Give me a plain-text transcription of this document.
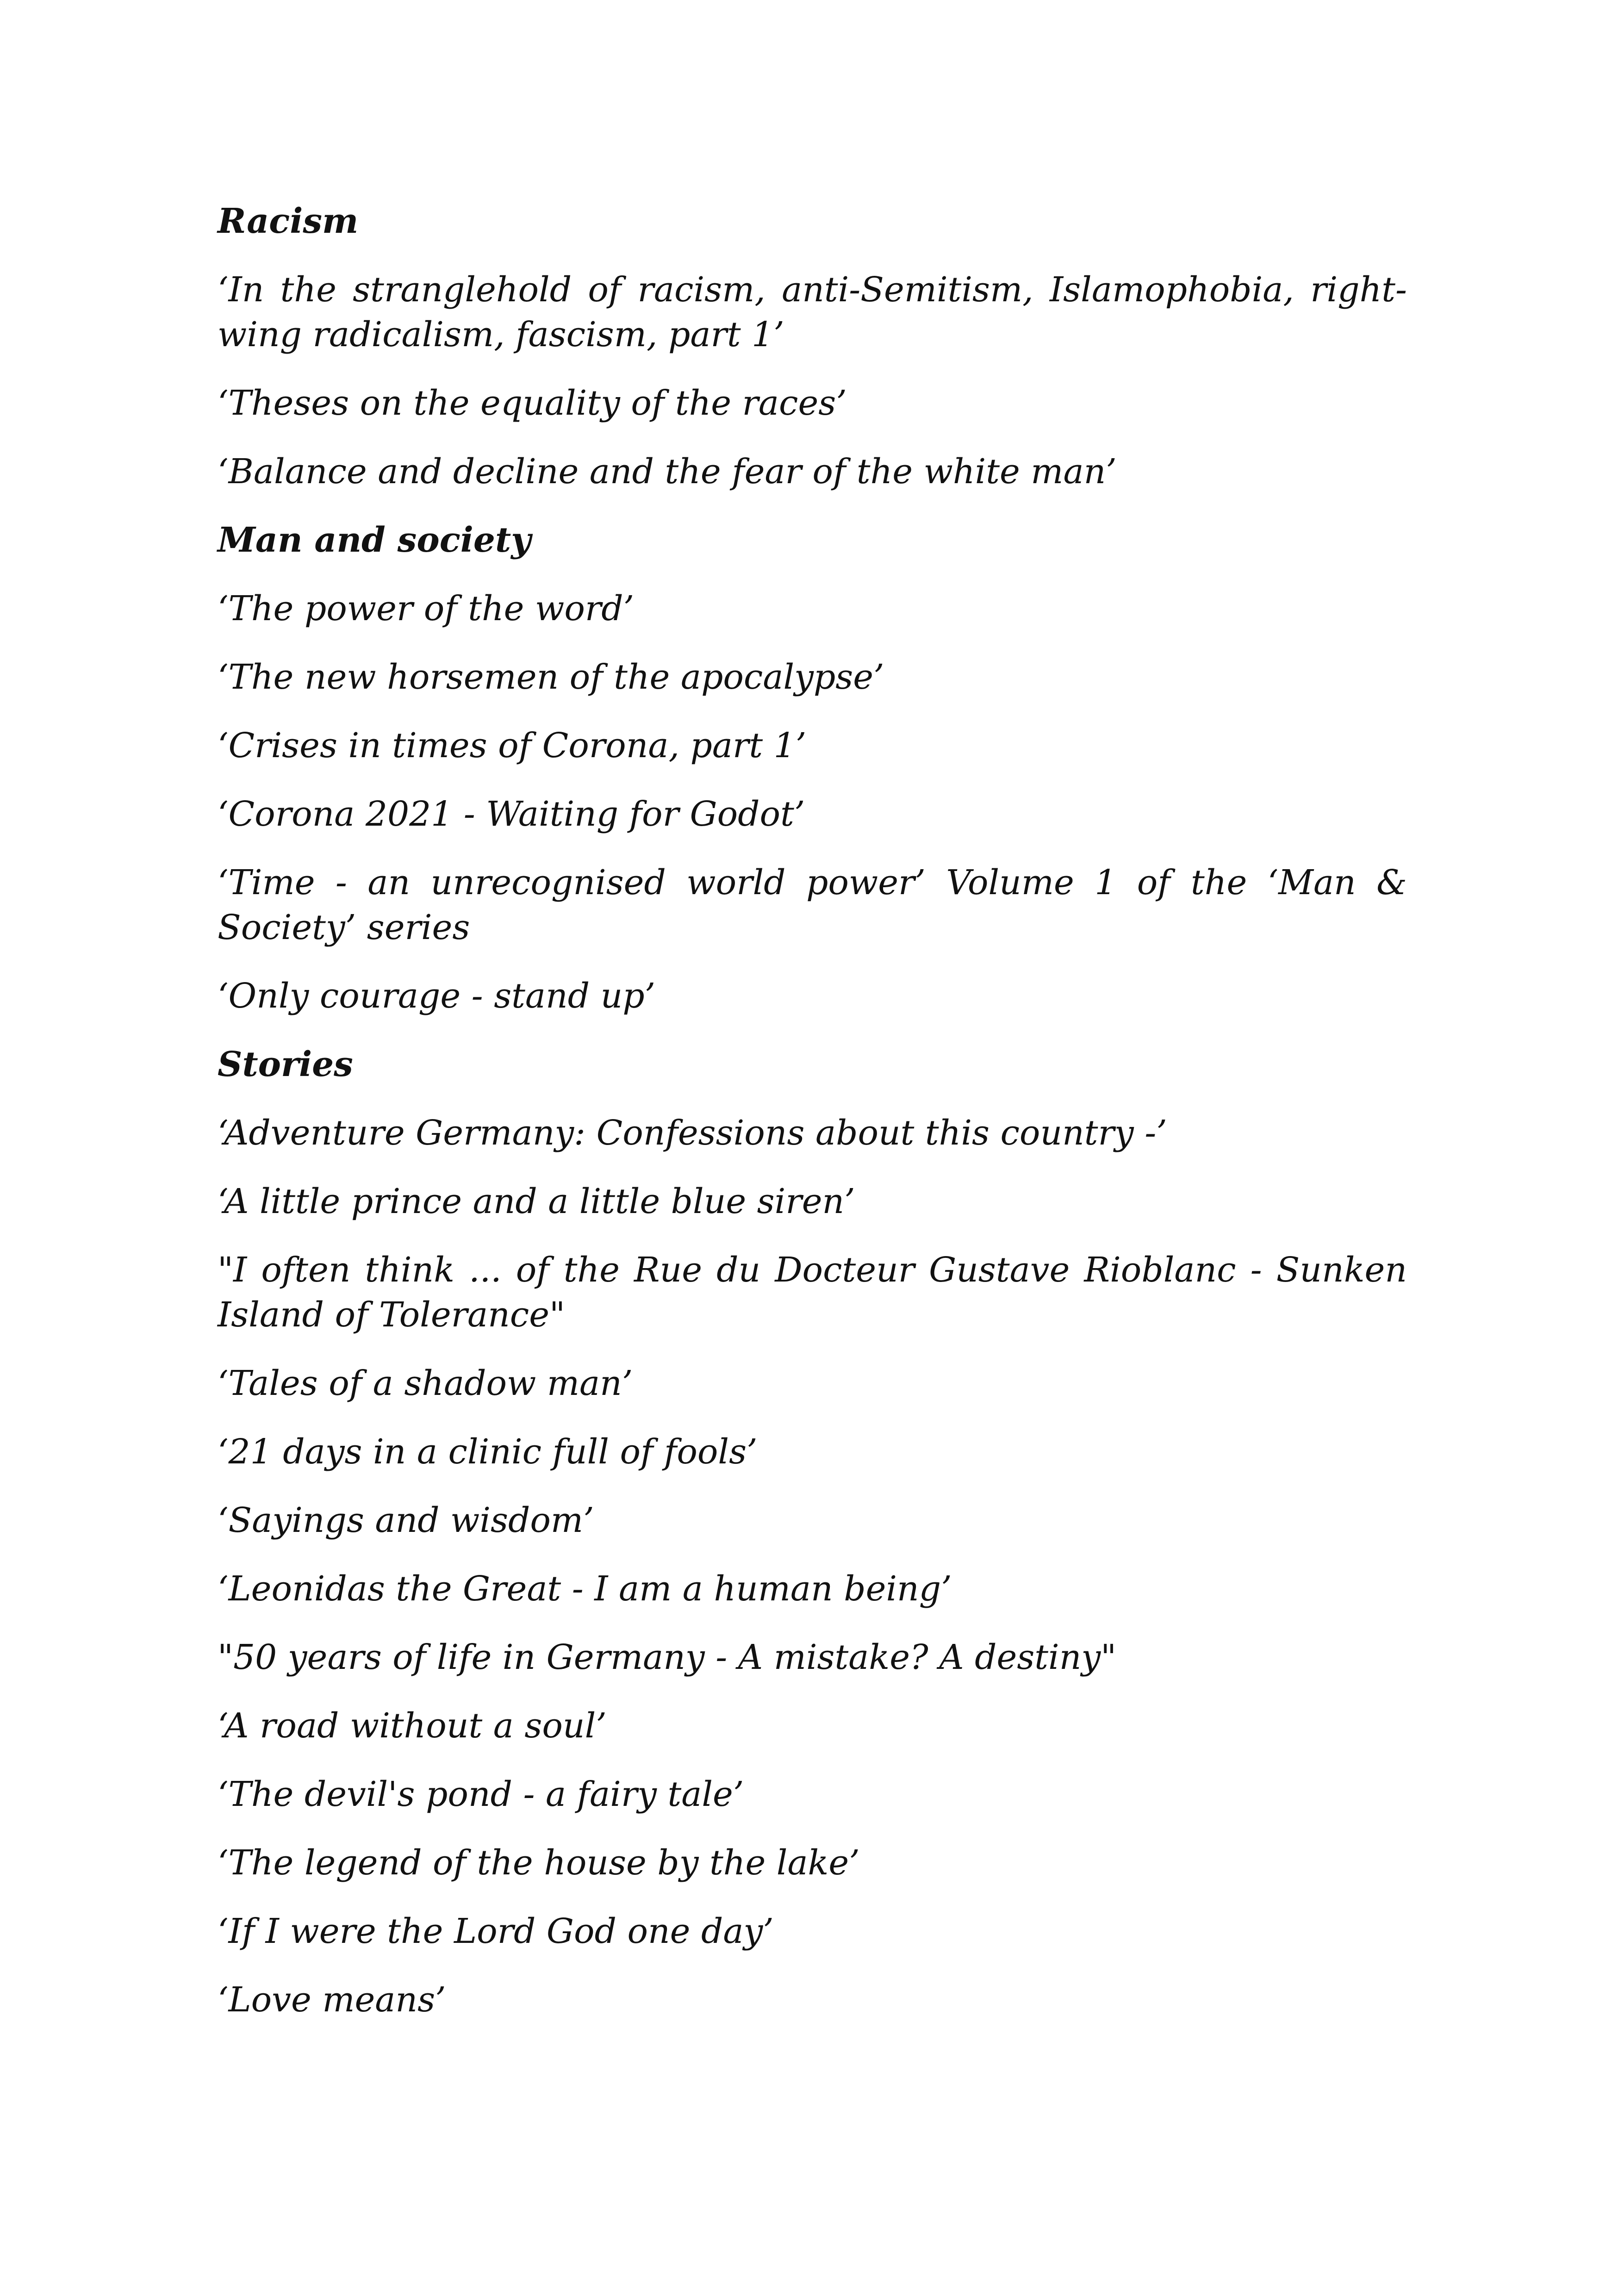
Racism
‘In the stranglehold of racism, anti-Semitism, Islamophobia, right-wing radicalism, fascism, part 1’
‘Theses on the equality of the races’
‘Balance and decline and the fear of the white man’
Man and society
‘The power of the word’
‘The new horsemen of the apocalypse’
‘Crises in times of Corona, part 1’
‘Corona 2021 - Waiting for Godot’
‘Time - an unrecognised world power’ Volume 1 of the ‘Man & Society’ series
‘Only courage - stand up’
Stories
‘Adventure Germany: Confessions about this country -’
‘A little prince and a little blue siren’
"I often think ... of the Rue du Docteur Gustave Rioblanc - Sunken Island of Tolerance"
‘Tales of a shadow man’
‘21 days in a clinic full of fools’
‘Sayings and wisdom’
‘Leonidas the Great - I am a human being’
"50 years of life in Germany - A mistake? A destiny"
‘A road without a soul’
‘The devil's pond - a fairy tale’
‘The legend of the house by the lake’
‘If I were the Lord God one day’
‘Love means’
